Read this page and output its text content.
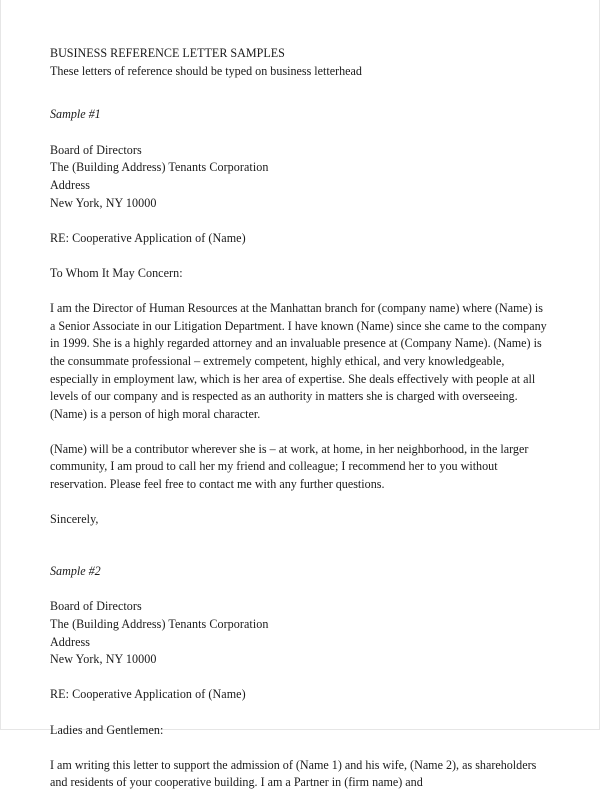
BUSINESS REFERENCE LETTER SAMPLES
These letters of reference should be typed on business letterhead
Sample #1
Board of Directors
The (Building Address) Tenants Corporation
Address
New York, NY 10000
RE: Cooperative Application of (Name)
To Whom It May Concern:

I am the Director of Human Resources at the Manhattan branch for (company name) where (Name) is a Senior Associate in our Litigation Department. I have known (Name) since she came to the company in 1999. She is a highly regarded attorney and an invaluable presence at (Company Name). (Name) is the consummate professional – extremely competent, highly ethical, and very knowledgeable, especially in employment law, which is her area of expertise. She deals effectively with people at all levels of our company and is respected as an authority in matters she is charged with overseeing. (Name) is a person of high moral character.

(Name) will be a contributor wherever she is – at work, at home, in her neighborhood, in the larger community, I am proud to call her my friend and colleague; I recommend her to you without reservation. Please feel free to contact me with any further questions.

Sincerely,
Sample #2
Board of Directors
The (Building Address) Tenants Corporation
Address
New York, NY 10000
RE: Cooperative Application of (Name)
Ladies and Gentlemen:

I am writing this letter to support the admission of (Name 1) and his wife, (Name 2), as shareholders and residents of your cooperative building. I am a Partner in (firm name) and
